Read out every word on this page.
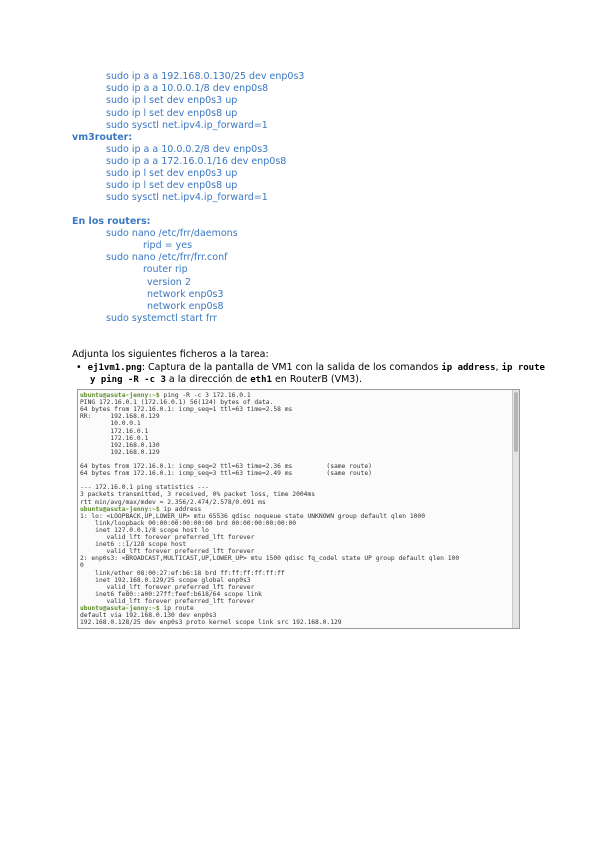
sudo ip a a 192.168.0.130/25 dev enp0s3
sudo ip a a 10.0.0.1/8 dev enp0s8
sudo ip l set dev enp0s3 up
sudo ip l set dev enp0s8 up
sudo sysctl net.ipv4.ip_forward=1
vm3router:
sudo ip a a 10.0.0.2/8 dev enp0s3
sudo ip a a 172.16.0.1/16 dev enp0s8
sudo ip l set dev enp0s3 up
sudo ip l set dev enp0s8 up
sudo sysctl net.ipv4.ip_forward=1
En los routers:
sudo nano /etc/frr/daemons
ripd = yes
sudo nano /etc/frr/frr.conf
router rip
version 2
network enp0s3
network enp0s8
sudo systemctl start frr
Adjunta los siguientes ficheros a la tarea:
• ej1vm1.png: Captura de la pantalla de VM1 con la salida de los comandos ip address, ip route
y ping -R -c 3 a la dirección de eth1 en RouterB (VM3).
ubuntu@asuta-jenny:~$ ping -R -c 3 172.16.0.1
PING 172.16.0.1 (172.16.0.1) 56(124) bytes of data.
64 bytes from 172.16.0.1: icmp_seq=1 ttl=63 time=2.58 ms
RR:     192.168.0.129
10.0.0.1
172.16.0.1
172.16.0.1
192.168.0.130
192.168.0.129
64 bytes from 172.16.0.1: icmp_seq=2 ttl=63 time=2.36 ms         (same route)
64 bytes from 172.16.0.1: icmp_seq=3 ttl=63 time=2.49 ms         (same route)
--- 172.16.0.1 ping statistics ---
3 packets transmitted, 3 received, 0% packet loss, time 2004ms
rtt min/avg/max/mdev = 2.356/2.474/2.578/0.091 ms
ubuntu@asuta-jenny:~$ ip address
1: lo: <LOOPBACK,UP,LOWER_UP> mtu 65536 qdisc noqueue state UNKNOWN group default qlen 1000
link/loopback 00:00:00:00:00:00 brd 00:00:00:00:00:00
inet 127.0.0.1/8 scope host lo
valid_lft forever preferred_lft forever
inet6 ::1/128 scope host
valid_lft forever preferred_lft forever
2: enp0s3: <BROADCAST,MULTICAST,UP,LOWER_UP> mtu 1500 qdisc fq_codel state UP group default qlen 100
0
link/ether 08:00:27:ef:b6:18 brd ff:ff:ff:ff:ff:ff
inet 192.168.0.129/25 scope global enp0s3
valid_lft forever preferred_lft forever
inet6 fe80::a00:27ff:feef:b618/64 scope link
valid_lft forever preferred_lft forever
ubuntu@asuta-jenny:~$ ip route
default via 192.168.0.130 dev enp0s3
192.168.0.128/25 dev enp0s3 proto kernel scope link src 192.168.0.129
